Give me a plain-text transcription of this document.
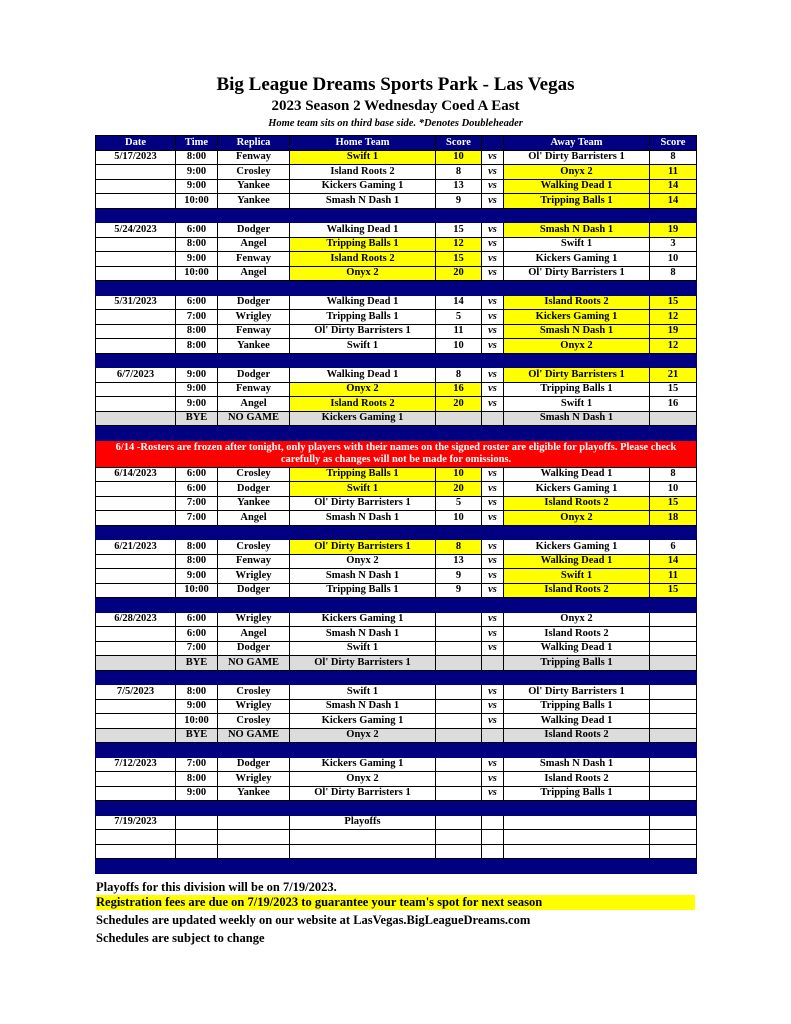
Big League Dreams Sports Park - Las Vegas
2023 Season 2 Wednesday Coed A East
Home team sits on third base side. *Denotes Doubleheader
Date	Time	Replica	Home Team	Score		Away Team	Score
5/17/2023	8:00	Fenway	Swift 1	10	vs	Ol' Dirty Barristers 1	8
	9:00	Crosley	Island Roots 2	8	vs	Onyx 2	11
	9:00	Yankee	Kickers Gaming 1	13	vs	Walking Dead 1	14
	10:00	Yankee	Smash N Dash 1	9	vs	Tripping Balls 1	14

5/24/2023	6:00	Dodger	Walking Dead 1	15	vs	Smash N Dash 1	19
	8:00	Angel	Tripping Balls 1	12	vs	Swift 1	3
	9:00	Fenway	Island Roots 2	15	vs	Kickers Gaming 1	10
	10:00	Angel	Onyx 2	20	vs	Ol' Dirty Barristers 1	8

5/31/2023	6:00	Dodger	Walking Dead 1	14	vs	Island Roots 2	15
	7:00	Wrigley	Tripping Balls 1	5	vs	Kickers Gaming 1	12
	8:00	Fenway	Ol' Dirty Barristers 1	11	vs	Smash N Dash 1	19
	8:00	Yankee	Swift 1	10	vs	Onyx 2	12

6/7/2023	9:00	Dodger	Walking Dead 1	8	vs	Ol' Dirty Barristers 1	21
	9:00	Fenway	Onyx 2	16	vs	Tripping Balls 1	15
	9:00	Angel	Island Roots 2	20	vs	Swift 1	16
	BYE	NO GAME	Kickers Gaming 1			Smash N Dash 1	

6/14 -Rosters are frozen after tonight, only players with their names on the signed roster are eligible for playoffs. Please check carefully as changes will not be made for omissions.							
6/14/2023	6:00	Crosley	Tripping Balls 1	10	vs	Walking Dead 1	8
	6:00	Dodger	Swift 1	20	vs	Kickers Gaming 1	10
	7:00	Yankee	Ol' Dirty Barristers 1	5	vs	Island Roots 2	15
	7:00	Angel	Smash N Dash 1	10	vs	Onyx 2	18

6/21/2023	8:00	Crosley	Ol' Dirty Barristers 1	8	vs	Kickers Gaming 1	6
	8:00	Fenway	Onyx 2	13	vs	Walking Dead 1	14
	9:00	Wrigley	Smash N Dash 1	9	vs	Swift 1	11
	10:00	Dodger	Tripping Balls 1	9	vs	Island Roots 2	15

6/28/2023	6:00	Wrigley	Kickers Gaming 1		vs	Onyx 2	
	6:00	Angel	Smash N Dash 1		vs	Island Roots 2	
	7:00	Dodger	Swift 1		vs	Walking Dead 1	
	BYE	NO GAME	Ol' Dirty Barristers 1			Tripping Balls 1	

7/5/2023	8:00	Crosley	Swift 1		vs	Ol' Dirty Barristers 1	
	9:00	Wrigley	Smash N Dash 1		vs	Tripping Balls 1	
	10:00	Crosley	Kickers Gaming 1		vs	Walking Dead 1	
	BYE	NO GAME	Onyx 2			Island Roots 2	

7/12/2023	7:00	Dodger	Kickers Gaming 1		vs	Smash N Dash 1	
	8:00	Wrigley	Onyx 2		vs	Island Roots 2	
	9:00	Yankee	Ol' Dirty Barristers 1		vs	Tripping Balls 1	

7/19/2023			Playoffs				

Playoffs for this division will be on 7/19/2023.
Registration fees are due on 7/19/2023 to guarantee your team's spot for next season
Schedules are updated weekly on our website at LasVegas.BigLeagueDreams.com
Schedules are subject to change
